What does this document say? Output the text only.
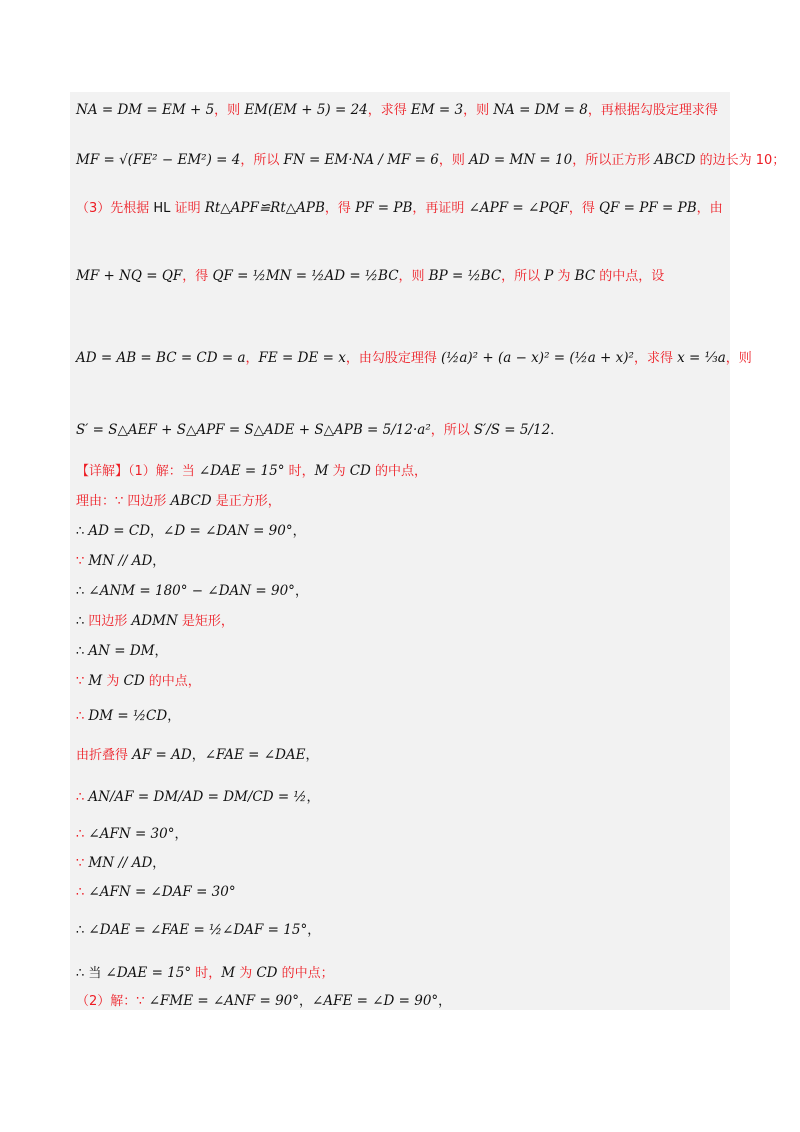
NA = DM = EM + 5，则 EM(EM + 5) = 24，求得 EM = 3，则 NA = DM = 8，再根据勾股定理求得
MF = √(FE² − EM²) = 4，所以 FN = EM·NA / MF = 6，则 AD = MN = 10，所以正方形 ABCD 的边长为 10；
（3）先根据 HL 证明 Rt△APF≌Rt△APB，得 PF = PB，再证明 ∠APF = ∠PQF，得 QF = PF = PB，由
MF + NQ = QF，得 QF = ½MN = ½AD = ½BC，则 BP = ½BC，所以 P 为 BC 的中点，设
AD = AB = BC = CD = a，FE = DE = x，由勾股定理得 (½a)² + (a − x)² = (½a + x)²，求得 x = ⅓a，则
S′ = S△AEF + S△APF = S△ADE + S△APB = 5/12·a²，所以 S′/S = 5/12．
【详解】（1）解：当 ∠DAE = 15° 时，M 为 CD 的中点，
理由：∵ 四边形 ABCD 是正方形，
∴ AD = CD，∠D = ∠DAN = 90°，
∵ MN // AD，
∴ ∠ANM = 180° − ∠DAN = 90°，
∴ 四边形 ADMN 是矩形，
∴ AN = DM，
∵ M 为 CD 的中点，
∴ DM = ½CD，
由折叠得 AF = AD，∠FAE = ∠DAE，
∴ AN/AF = DM/AD = DM/CD = ½，
∴ ∠AFN = 30°，
∵ MN // AD，
∴ ∠AFN = ∠DAF = 30°
∴ ∠DAE = ∠FAE = ½∠DAF = 15°，
∴ 当 ∠DAE = 15° 时，M 为 CD 的中点；
（2）解：∵ ∠FME = ∠ANF = 90°，∠AFE = ∠D = 90°，
